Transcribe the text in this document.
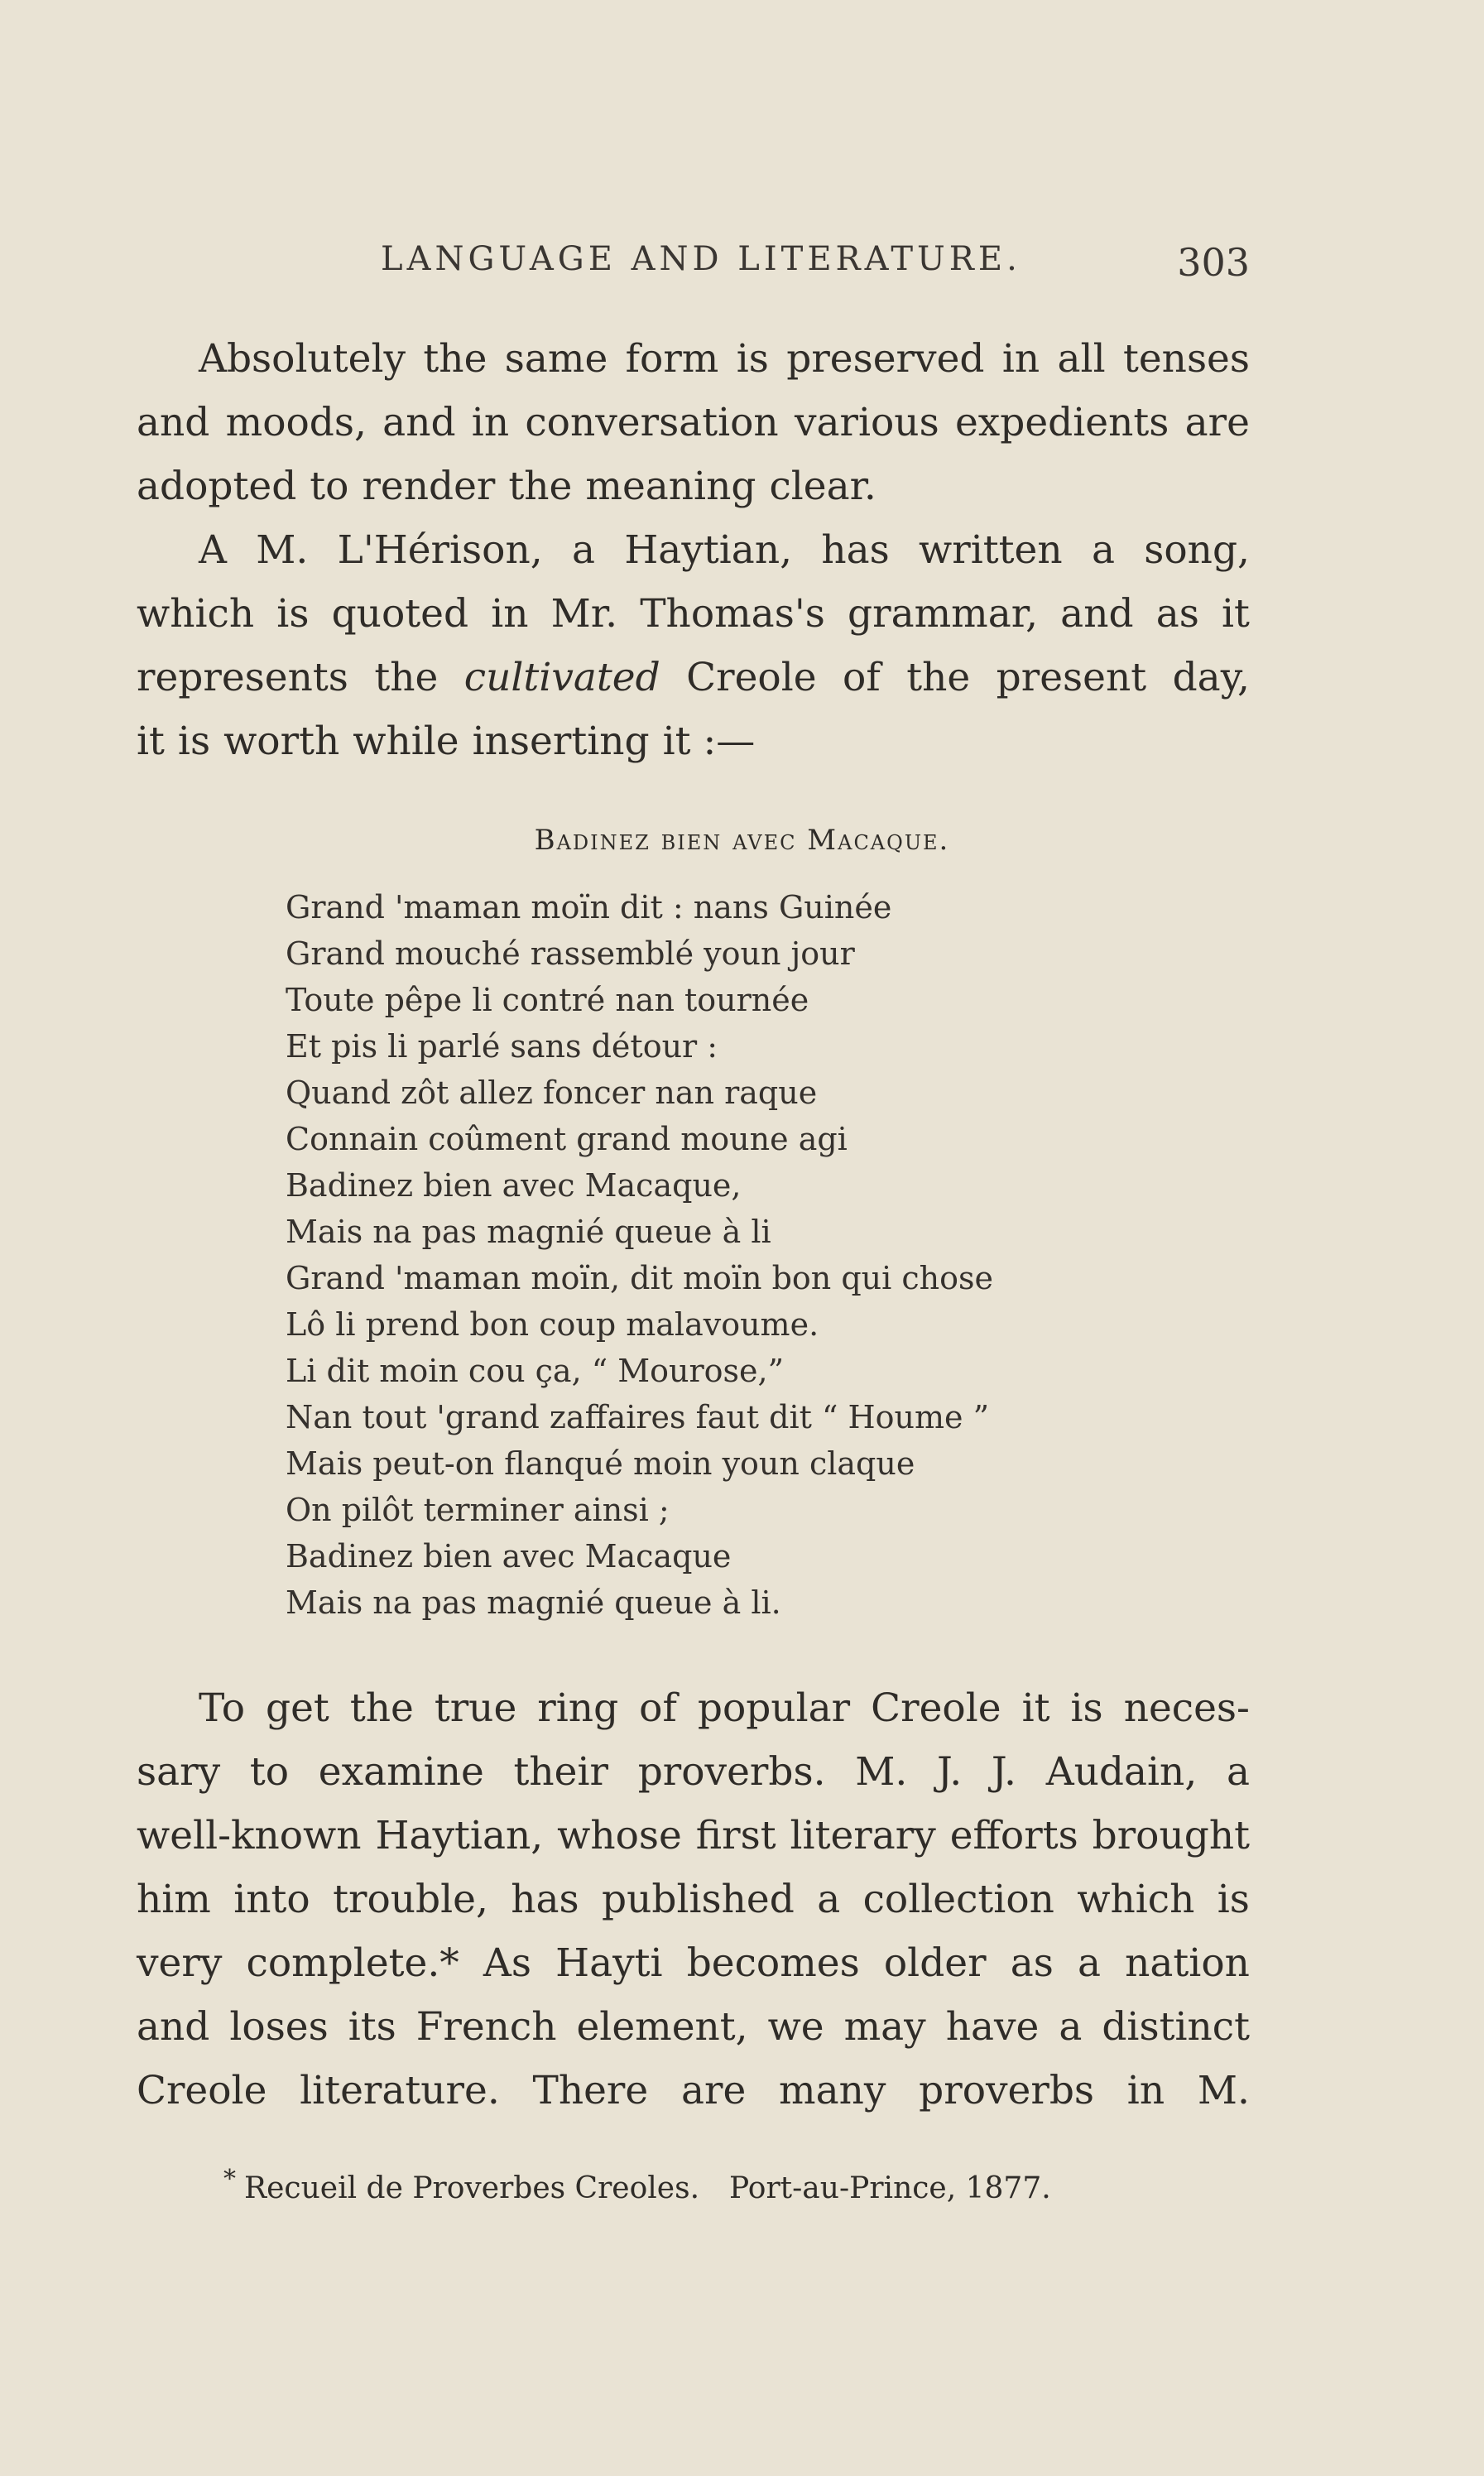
LANGUAGE AND LITERATURE.	303
Absolutely the same form is preserved in all tenses
and moods, and in conversation various expedients are
adopted to render the meaning clear.
A M. L'Hérison, a Haytian, has written a song,
which is quoted in Mr. Thomas's grammar, and as it
represents the cultivated Creole of the present day,
it is worth while inserting it :—
Badinez bien avec Macaque.
Grand 'maman moïn dit : nans Guinée
Grand mouché rassemblé youn jour
Toute pêpe li contré nan tournée
Et pis li parlé sans détour :
Quand zôt allez foncer nan raque
Connain coûment grand moune agi
Badinez bien avec Macaque,
Mais na pas magnié queue à li
Grand 'maman moïn, dit moïn bon qui chose
Lô li prend bon coup malavoume.
Li dit moin cou ça, “ Mourose,”
Nan tout 'grand zaffaires faut dit “ Houme ”
Mais peut-on flanqué moin youn claque
On pilôt terminer ainsi ;
Badinez bien avec Macaque
Mais na pas magnié queue à li.
To get the true ring of popular Creole it is neces-
sary to examine their proverbs. M. J. J. Audain, a
well-known Haytian, whose first literary efforts brought
him into trouble, has published a collection which is
very complete.* As Hayti becomes older as a nation
and loses its French element, we may have a distinct
Creole literature. There are many proverbs in M.
* Recueil de Proverbes Creoles. Port-au-Prince, 1877.
